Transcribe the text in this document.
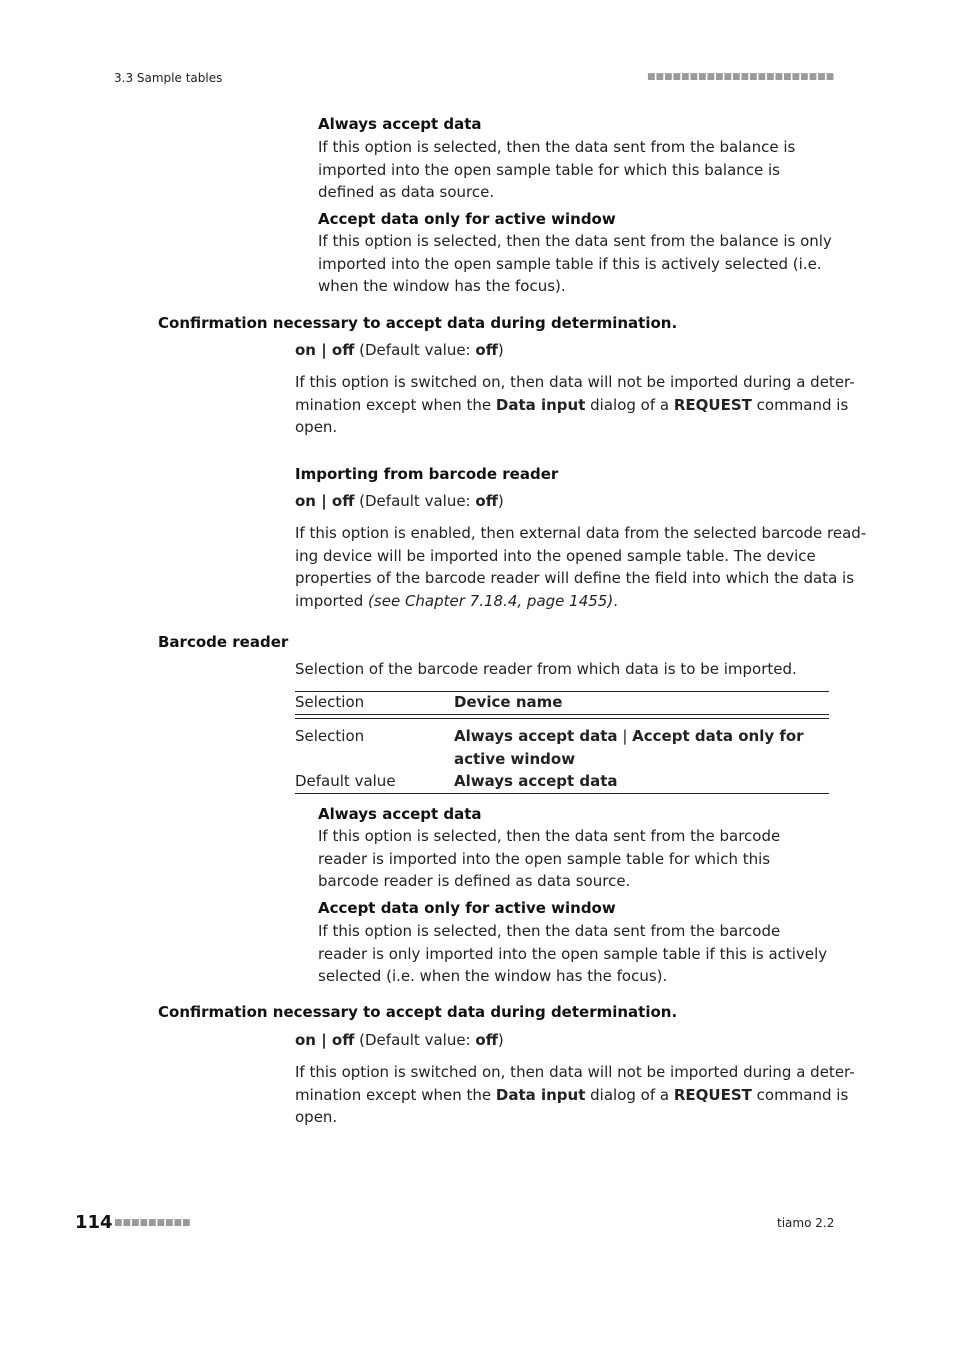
3.3 Sample tables	■■■■■■■■■■■■■■■■■■■■■■
Always accept data
If this option is selected, then the data sent from the balance is imported into the open sample table for which this balance is defined as data source.
Accept data only for active window
If this option is selected, then the data sent from the balance is only imported into the open sample table if this is actively selected (i.e. when the window has the focus).
Confirmation necessary to accept data during determination.
on | off (Default value: off)
If this option is switched on, then data will not be imported during a deter-
mination except when the Data input dialog of a REQUEST command is
open.
Importing from barcode reader
on | off (Default value: off)
If this option is enabled, then external data from the selected barcode read-
ing device will be imported into the opened sample table. The device
properties of the barcode reader will define the field into which the data is
imported (see Chapter 7.18.4, page 1455).
Barcode reader
Selection of the barcode reader from which data is to be imported.
Selection	Device name
Selection	Always accept data | Accept data only for
active window
Default value	Always accept data
Always accept data
If this option is selected, then the data sent from the barcode reader is imported into the open sample table for which this barcode reader is defined as data source.
Accept data only for active window
If this option is selected, then the data sent from the barcode reader is only imported into the open sample table if this is actively selected (i.e. when the window has the focus).
Confirmation necessary to accept data during determination.
on | off (Default value: off)
If this option is switched on, then data will not be imported during a deter-
mination except when the Data input dialog of a REQUEST command is
open.
114 ■■■■■■■■■	tiamo 2.2
